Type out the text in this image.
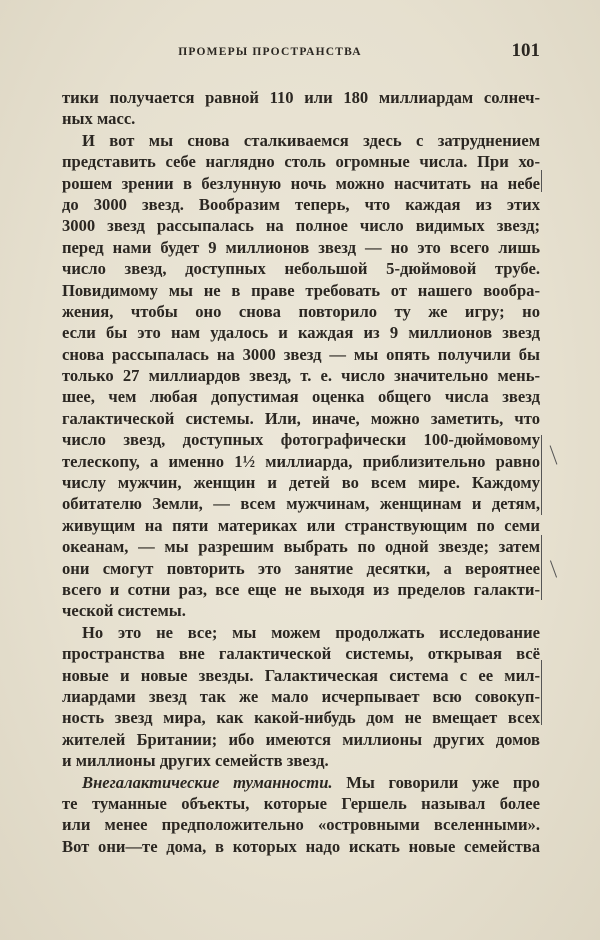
ПРОМЕРЫ ПРОСТРАНСТВА	101
тики получается равной 110 или 180 миллиардам солнеч-
ных масс.
И вот мы снова сталкиваемся здесь с затруднением
представить себе наглядно столь огромные числа. При хо-
рошем зрении в безлунную ночь можно насчитать на небе
до 3000 звезд. Вообразим теперь, что каждая из этих
3000 звезд рассыпалась на полное число видимых звезд;
перед нами будет 9 миллионов звезд — но это всего лишь
число звезд, доступных небольшой 5-дюймовой трубе.
Повидимому мы не в праве требовать от нашего вообра-
жения, чтобы оно снова повторило ту же игру; но
если бы это нам удалось и каждая из 9 миллионов звезд
снова рассыпалась на 3000 звезд — мы опять получили бы
только 27 миллиардов звезд, т. е. число значительно мень-
шее, чем любая допустимая оценка общего числа звезд
галактической системы. Или, иначе, можно заметить, что
число звезд, доступных фотографически 100-дюймовому
телескопу, а именно 1½ миллиарда, приблизительно равно
числу мужчин, женщин и детей во всем мире. Каждому
обитателю Земли, — всем мужчинам, женщинам и детям,
живущим на пяти материках или странствующим по семи
океанам, — мы разрешим выбрать по одной звезде; затем
они смогут повторить это занятие десятки, а вероятнее
всего и сотни раз, все еще не выходя из пределов галакти-
ческой системы.
Но это не все; мы можем продолжать исследование
пространства вне галактической системы, открывая всё
новые и новые звезды. Галактическая система с ее мил-
лиардами звезд так же мало исчерпывает всю совокуп-
ность звезд мира, как какой-нибудь дом не вмещает всех
жителей Британии; ибо имеются миллионы других домов
и миллионы других семейств звезд.
Внегалактические туманности. Мы говорили уже про
те туманные объекты, которые Гершель называл более
или менее предположительно «островными вселенными».
Вот они—те дома, в которых надо искать новые семейства
